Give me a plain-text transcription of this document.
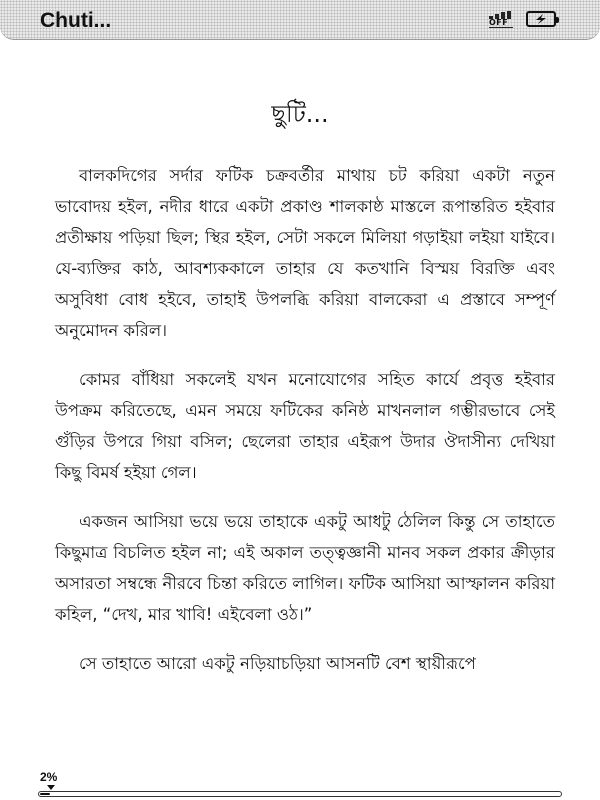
Chuti...	OFF
ছুটি...

বালকদিগের সর্দার ফটিক চক্রবর্তীর মাথায় চট করিয়া একটা নতুন ভাবোদয় হইল, নদীর ধারে একটা প্রকাণ্ড শালকাষ্ঠ মাস্তলে রূপান্তরিত হইবার প্রতীক্ষায় পড়িয়া ছিল; স্থির হইল, সেটা সকলে মিলিয়া গড়াইয়া লইয়া যাইবে। যে-ব্যক্তির কাঠ, আবশ্যককালে তাহার যে কতখানি বিস্ময় বিরক্তি এবং অসুবিধা বোধ হইবে, তাহাই উপলব্ধি করিয়া বালকেরা এ প্রস্তাবে সম্পূর্ণ অনুমোদন করিল।

কোমর বাঁধিয়া সকলেই যখন মনোযোগের সহিত কার্যে প্রবৃত্ত হইবার উপক্রম করিতেছে, এমন সময়ে ফটিকের কনিষ্ঠ মাখনলাল গম্ভীরভাবে সেই গুঁড়ির উপরে গিয়া বসিল; ছেলেরা তাহার এইরূপ উদার ঔদাসীন্য দেখিয়া কিছু বিমর্ষ হইয়া গেল।

একজন আসিয়া ভয়ে ভয়ে তাহাকে একটু আধটু ঠেলিল কিন্তু সে তাহাতে কিছুমাত্র বিচলিত হইল না; এই অকাল তত্ত্বজ্ঞানী মানব সকল প্রকার ক্রীড়ার অসারতা সম্বন্ধে নীরবে চিন্তা করিতে লাগিল। ফটিক আসিয়া আস্ফালন করিয়া কহিল, “দেখ, মার খাবি! এইবেলা ওঠ।”

সে তাহাতে আরো একটু নড়িয়াচড়িয়া আসনটি বেশ স্থায়ীরূপে

2%
